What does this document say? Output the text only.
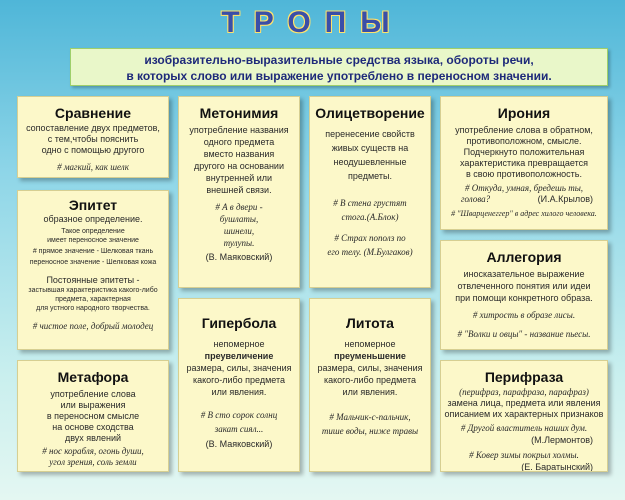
ТРОПЫ
изобразительно-выразительные средства языка, обороты речи,
в которых слово или выражение употреблено в переносном значении.
Сравнение

сопоставление двух предметов,

с тем,чтобы пояснить

одно с помощью другого

# магкий, как шелк

Эпитет

образное определение.

Такое определение

имеет переносное значение

# прямое значение - Шелковая ткань

переносное значение - Шелковая кожа

Постоянные эпитеты -

застывшая характеристика какого-либо

предмета, характерная

для устного народного творчества.

# чистое поле, добрый молодец

Метафора

употребление слова

или выражения

в переносном смысле

на основе сходства

двух явлений

# нос корабля, огонь души,

угол зрения, соль земли

Метонимия

употребление названия

одного предмета

вместо названия

другого на основании

внутренней или

внешней связи.

# А в двери -

бушлаты,

шинели,

тулупы.

(В. Маяковский)

Олицетворение

перенесение свойств

живых существ на

неодушевленные

предметы.

# В стена грустят

стога.(А.Блок)

# Страх пополз по

его телу. (М.Булгаков)

Гипербола

непомерное

преувеличение

размера, силы, значения

какого-либо предмета

или явления.

# В сто сорок солнц

закат сиял...

(В. Маяковский)

Литота

непомерное

преуменьшение

размера, силы, значения

какого-либо предмета

или явления.

# Мальчик-с-пальчик,

тише воды, ниже травы

Ирония

употребление слова в обратном,

противоположном, смысле.

Подчеркнуто положительная

характеристика превращается

в свою противоположность.

# Откуда, умная, бредешь ты,

голова?	(И.А.Крылов)

# "Шварценеггер" в адрес хилого человека.

Аллегория

иносказательное выражение

отвлеченного понятия или идеи

при помощи конкретного образа.

# хитрость в образе лисы.

# "Волки и овцы" - название пьесы.

Перифраза

(перифраз, парафраза, парафраз)

замена лица, предмета или явления

описанием их характерных признаков

# Другой властитель наших дум.

(М.Лермонтов)

# Ковер зимы покрыл холмы.

(Е. Баратынский)
